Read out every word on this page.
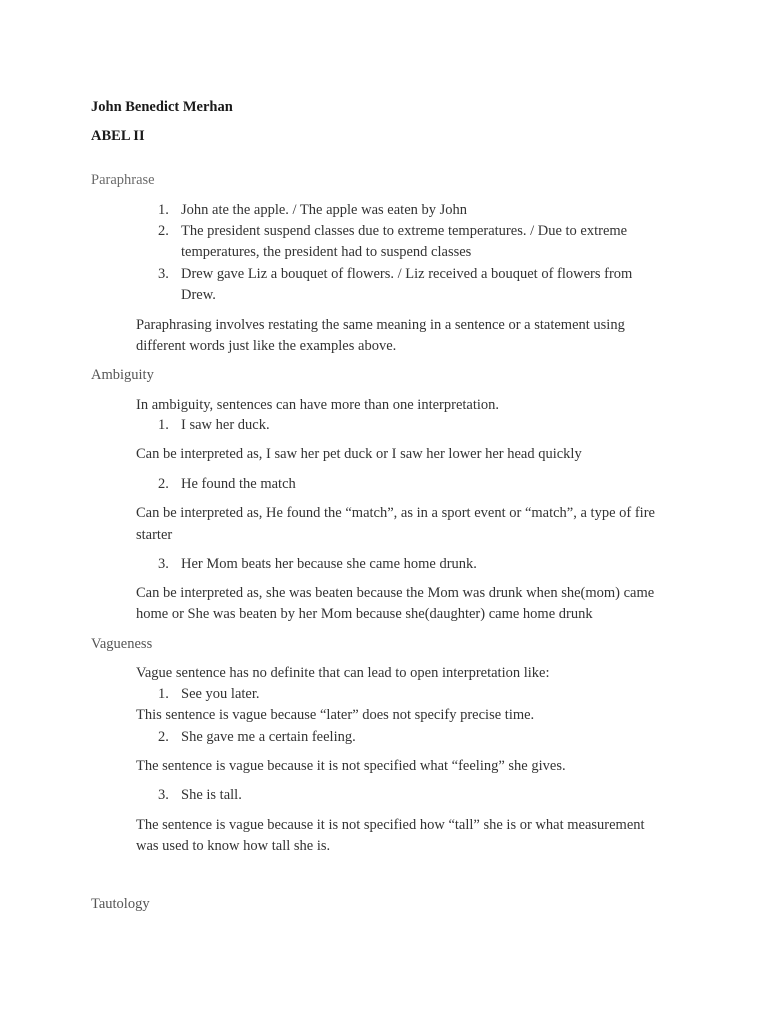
John Benedict Merhan
ABEL II
Paraphrase
1. John ate the apple. / The apple was eaten by John
2. The president suspend classes due to extreme temperatures. / Due to extreme
temperatures, the president had to suspend classes
3. Drew gave Liz a bouquet of flowers. / Liz received a bouquet of flowers from
Drew.
Paraphrasing involves restating the same meaning in a sentence or a statement using
different words just like the examples above.
Ambiguity
In ambiguity, sentences can have more than one interpretation.
1. I saw her duck.
Can be interpreted as, I saw her pet duck or I saw her lower her head quickly
2. He found the match
Can be interpreted as, He found the “match”, as in a sport event or “match”, a type of fire
starter
3. Her Mom beats her because she came home drunk.
Can be interpreted as, she was beaten because the Mom was drunk when she(mom) came
home or She was beaten by her Mom because she(daughter) came home drunk
Vagueness
Vague sentence has no definite that can lead to open interpretation like:
1. See you later.
This sentence is vague because “later” does not specify precise time.
2. She gave me a certain feeling.
The sentence is vague because it is not specified what “feeling” she gives.
3. She is tall.
The sentence is vague because it is not specified how “tall” she is or what measurement
was used to know how tall she is.
Tautology
